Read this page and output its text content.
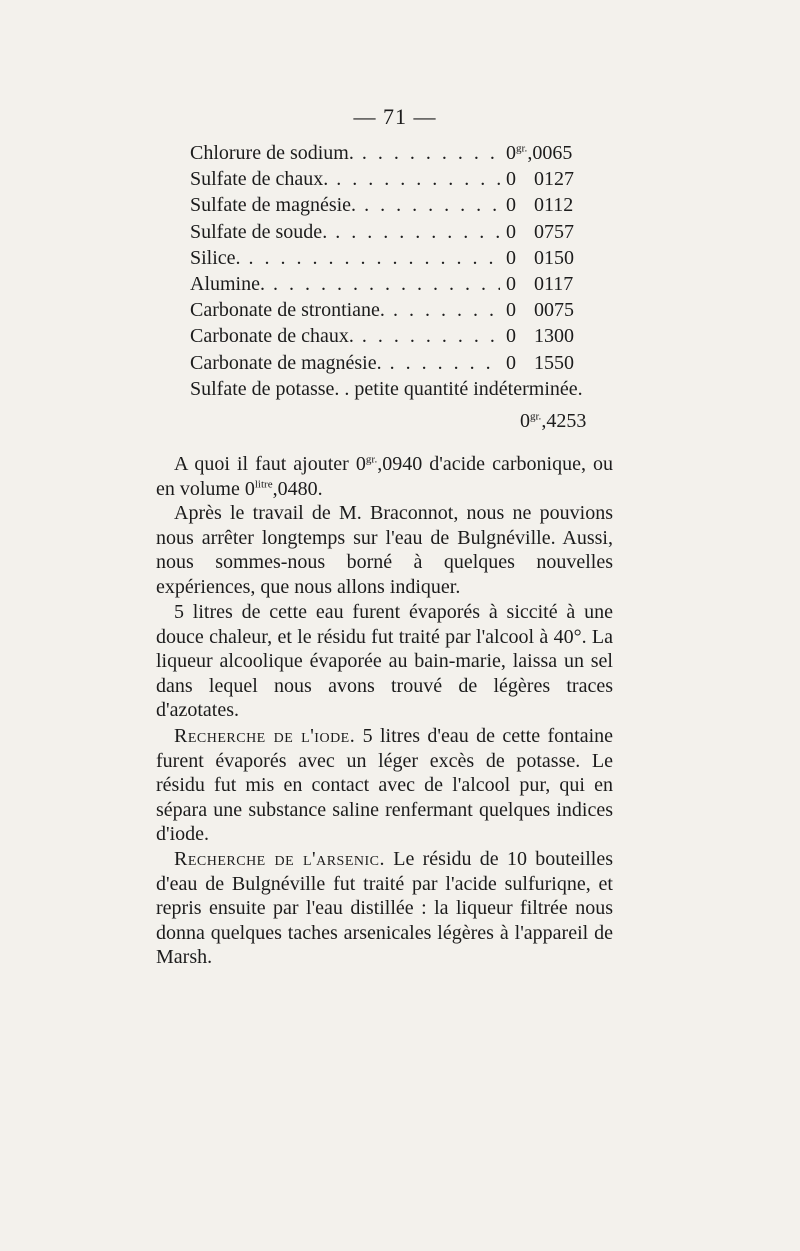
— 71 —
Chlorure de sodium. . . .	$0^{gr.},0065$
Sulfate de chaux. . . .	0 0127
Sulfate de magnésie. . . .	0 0112
Sulfate de soude. . . .	0 0757
Silice. . . .	0 0150
Alumine. . . .	0 0117
Carbonate de strontiane. . . .	0 0075
Carbonate de chaux. . . .	0 1300
Carbonate de magnésie. . . .	0 1550
Sulfate de potasse. . petite quantité indéterminée.
$0^{gr.},4253$
A quoi il faut ajouter $0^{gr.},0940$ d'acide carbonique, ou en volume $0^{litre},0480$.
Après le travail de M. Braconnot, nous ne pouvions nous arrêter longtemps sur l'eau de Bulgnéville. Aussi, nous sommes-nous borné à quelques nouvelles expériences, que nous allons indiquer.
5 litres de cette eau furent évaporés à siccité à une douce chaleur, et le résidu fut traité par l'alcool à 40°. La liqueur alcoolique évaporée au bain-marie, laissa un sel dans lequel nous avons trouvé de légères traces d'azotates.
Recherche de l'iode. 5 litres d'eau de cette fontaine furent évaporés avec un léger excès de potasse. Le résidu fut mis en contact avec de l'alcool pur, qui en sépara une substance saline renfermant quelques indices d'iode.
Recherche de l'arsenic. Le résidu de 10 bouteilles d'eau de Bulgnéville fut traité par l'acide sulfuriqne, et repris ensuite par l'eau distillée : la liqueur filtrée nous donna quelques taches arsenicales légères à l'appareil de Marsh.
